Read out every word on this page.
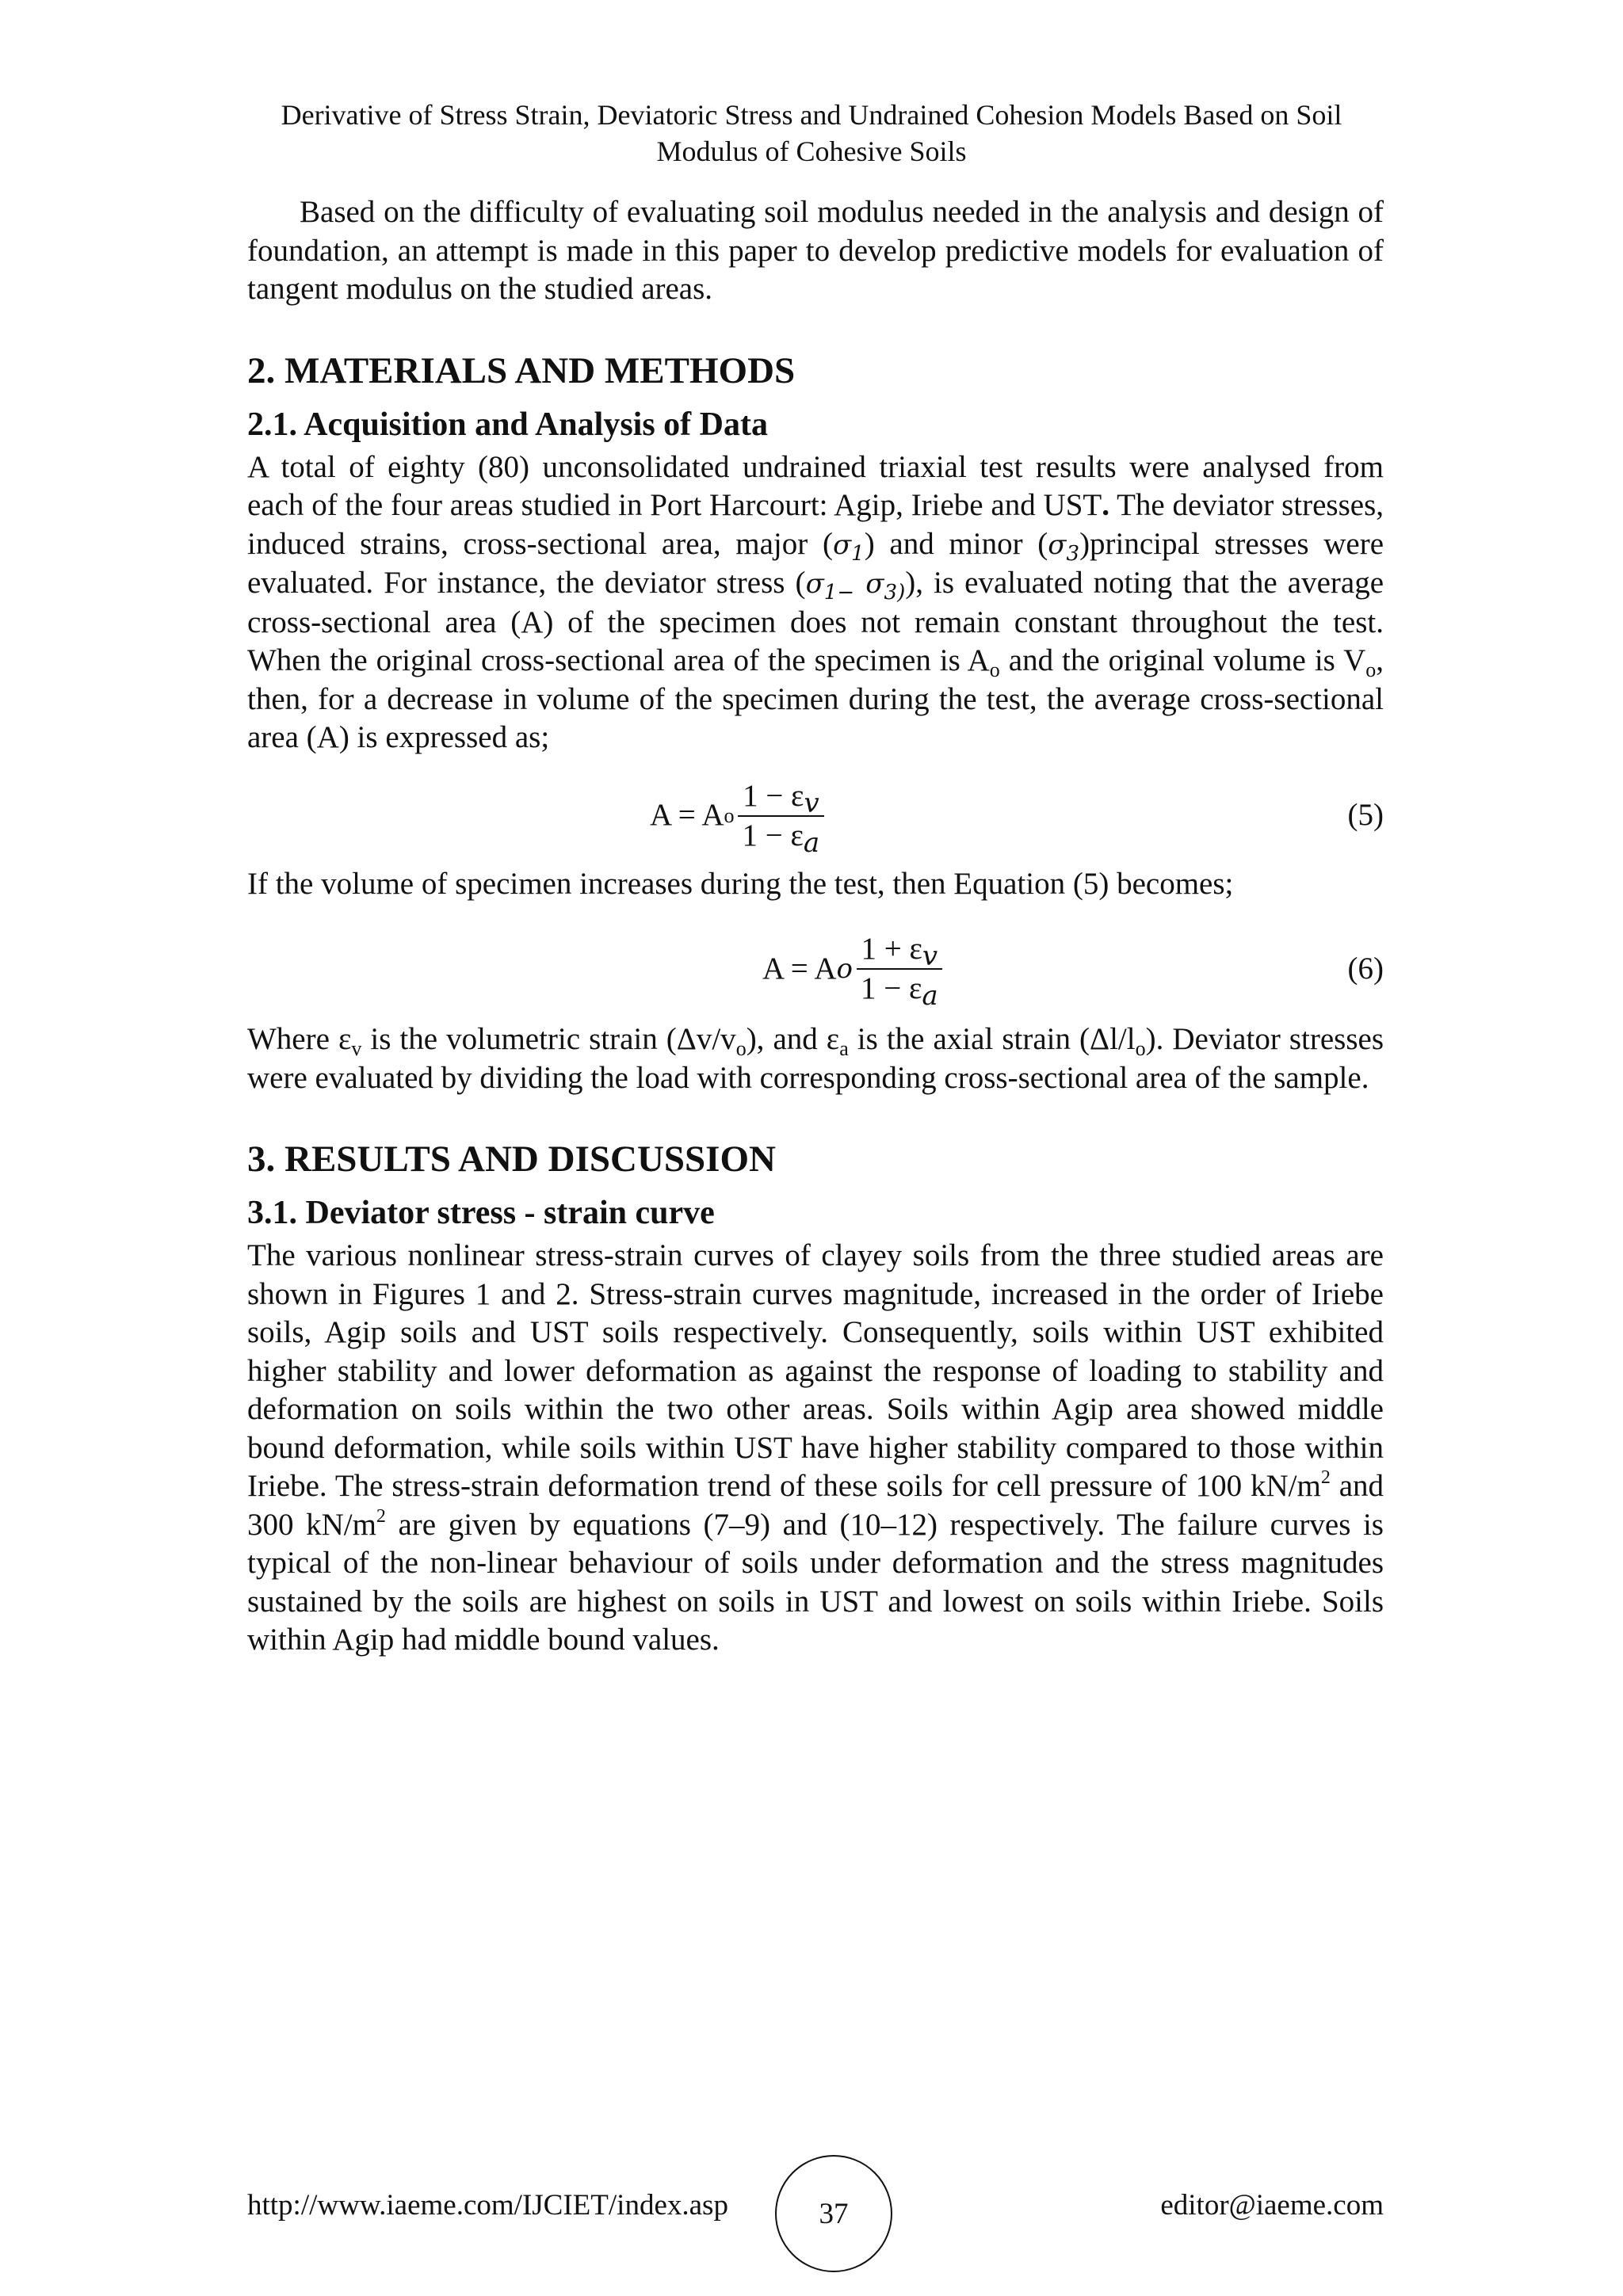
Derivative of Stress Strain, Deviatoric Stress and Undrained Cohesion Models Based on Soil
Modulus of Cohesive Soils

Based on the difficulty of evaluating soil modulus needed in the analysis and design of foundation, an attempt is made in this paper to develop predictive models for evaluation of tangent modulus on the studied areas.

2. MATERIALS AND METHODS
2.1. Acquisition and Analysis of Data

A total of eighty (80) unconsolidated undrained triaxial test results were analysed from each of the four areas studied in Port Harcourt: Agip, Iriebe and UST. The deviator stresses, induced strains, cross-sectional area, major $(\sigma_1)$ and minor $(\sigma_3)principal$ stresses were evaluated. For instance, the deviator stress ($\sigma_{1-}$ $\sigma_{3)}$), is evaluated noting that the average cross-sectional area (A) of the specimen does not remain constant throughout the test. When the original cross-sectional area of the specimen is $A_o$ and the original volume is $V_o$, then, for a decrease in volume of the specimen during the test, the average cross-sectional area (A) is expressed as;

A = A o $\frac{1 - \varepsilon_v}{1 - \varepsilon_a}$	(5)

If the volume of specimen increases during the test, then Equation (5) becomes;

A = A o $\frac{1 + \varepsilon_v}{1 - \varepsilon_a}$	(6)

Where $\varepsilon_v$ is the volumetric strain $(\Delta v/v_o)$, and $\varepsilon_a$ is the axial strain $(\Delta l/l_o)$. Deviator stresses were evaluated by dividing the load with corresponding cross-sectional area of the sample.

3. RESULTS AND DISCUSSION
3.1. Deviator stress - strain curve

The various nonlinear stress-strain curves of clayey soils from the three studied areas are shown in Figures 1 and 2. Stress-strain curves magnitude, increased in the order of Iriebe soils, Agip soils and UST soils respectively. Consequently, soils within UST exhibited higher stability and lower deformation as against the response of loading to stability and deformation on soils within the two other areas. Soils within Agip area showed middle bound deformation, while soils within UST have higher stability compared to those within Iriebe. The stress-strain deformation trend of these soils for cell pressure of 100 $kN/m^2$ and 300 $kN/m^2$ are given by equations (7–9) and (10–12) respectively. The failure curves is typical of the non-linear behaviour of soils under deformation and the stress magnitudes sustained by the soils are highest on soils in UST and lowest on soils within Iriebe. Soils within Agip had middle bound values.

http://www.iaeme.com/IJCIET/index.asp	37	editor@iaeme.com
